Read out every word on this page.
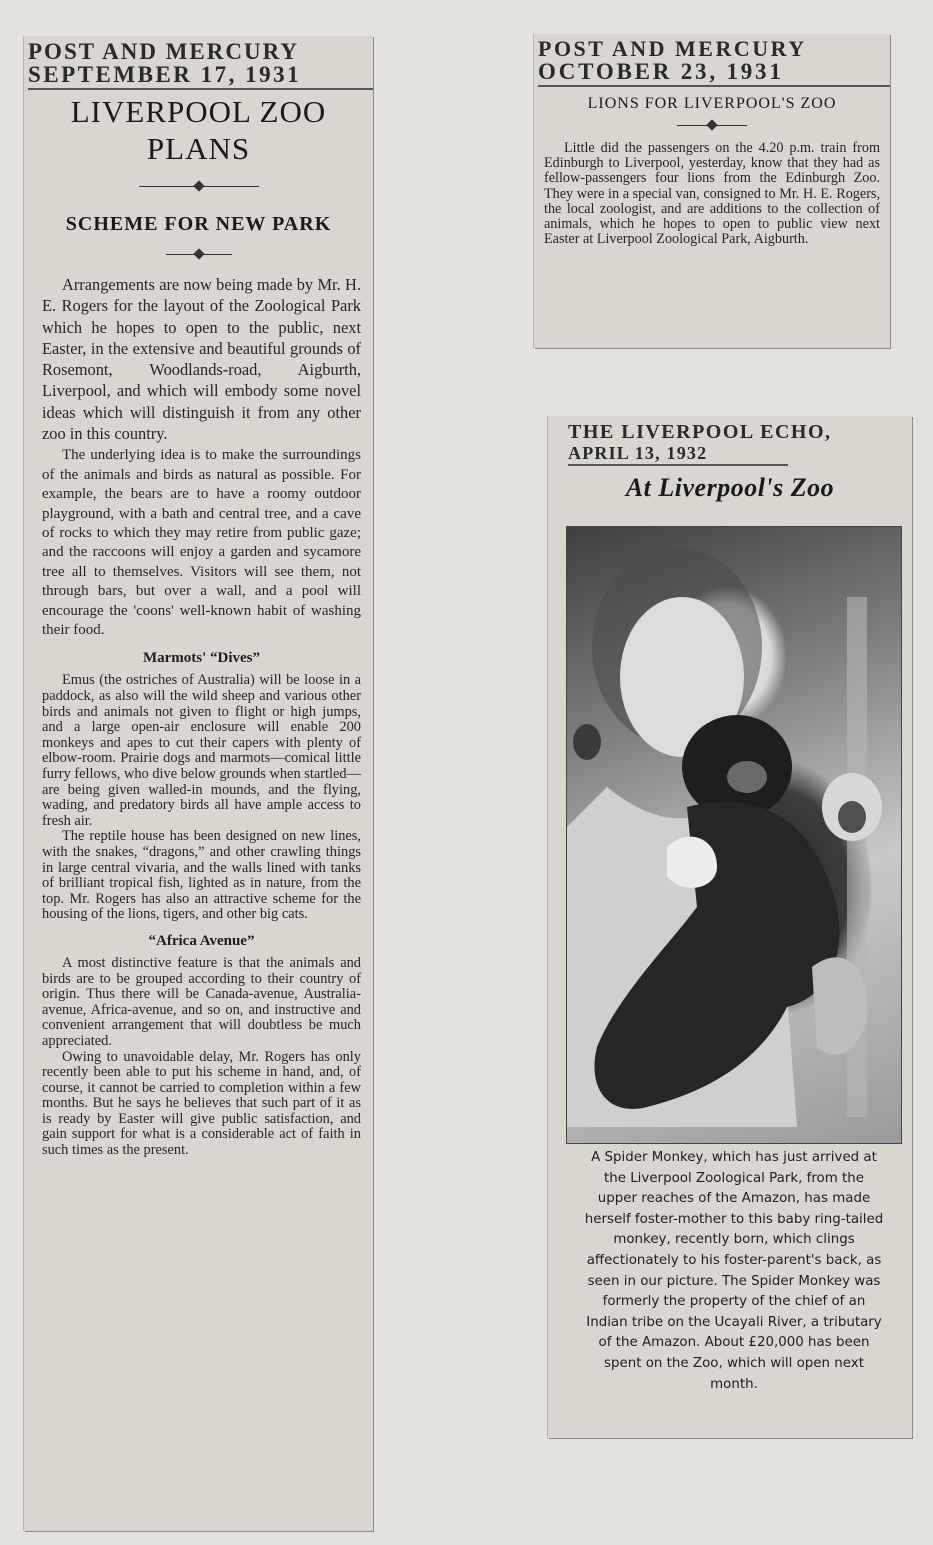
POST AND MERCURY

SEPTEMBER 17, 1931

LIVERPOOL ZOO

PLANS

SCHEME FOR NEW PARK

Arrangements are now being made by Mr. H. E. Rogers for the layout of the Zoological Park which he hopes to open to the public, next Easter, in the extensive and beautiful grounds of Rosemont, Woodlands-road, Aigburth, Liverpool, and which will embody some novel ideas which will distinguish it from any other zoo in this country.

The underlying idea is to make the surroundings of the animals and birds as natural as possible. For example, the bears are to have a roomy outdoor playground, with a bath and central tree, and a cave of rocks to which they may retire from public gaze; and the raccoons will enjoy a garden and sycamore tree all to themselves. Visitors will see them, not through bars, but over a wall, and a pool will encourage the 'coons' well-known habit of washing their food.

Marmots' “Dives”

Emus (the ostriches of Australia) will be loose in a paddock, as also will the wild sheep and various other birds and animals not given to flight or high jumps, and a large open-air enclosure will enable 200 monkeys and apes to cut their capers with plenty of elbow-room. Prairie dogs and marmots—comical little furry fellows, who dive below grounds when startled—are being given walled-in mounds, and the flying, wading, and predatory birds all have ample access to fresh air.

The reptile house has been designed on new lines, with the snakes, “dragons,” and other crawling things in large central vivaria, and the walls lined with tanks of brilliant tropical fish, lighted as in nature, from the top. Mr. Rogers has also an attractive scheme for the housing of the lions, tigers, and other big cats.

“Africa Avenue”

A most distinctive feature is that the animals and birds are to be grouped according to their country of origin. Thus there will be Canada-avenue, Australia-avenue, Africa-avenue, and so on, and instructive and convenient arrangement that will doubtless be much appreciated.

Owing to unavoidable delay, Mr. Rogers has only recently been able to put his scheme in hand, and, of course, it cannot be carried to completion within a few months. But he says he believes that such part of it as is ready by Easter will give public satisfaction, and gain support for what is a considerable act of faith in such times as the present.

POST AND MERCURY

OCTOBER 23, 1931

LIONS FOR LIVERPOOL'S ZOO

Little did the passengers on the 4.20 p.m. train from Edinburgh to Liverpool, yesterday, know that they had as fellow-passengers four lions from the Edinburgh Zoo. They were in a special van, consigned to Mr. H. E. Rogers, the local zoologist, and are additions to the collection of animals, which he hopes to open to public view next Easter at Liverpool Zoological Park, Aigburth.

THE LIVERPOOL ECHO,

APRIL 13, 1932

At Liverpool's Zoo

A Spider Monkey, which has just arrived at the Liverpool Zoological Park, from the upper reaches of the Amazon, has made herself foster-mother to this baby ring-tailed monkey, recently born, which clings affectionately to his foster-parent's back, as seen in our picture. The Spider Monkey was formerly the property of the chief of an Indian tribe on the Ucayali River, a tributary of the Amazon. About £20,000 has been spent on the Zoo, which will open next month.
